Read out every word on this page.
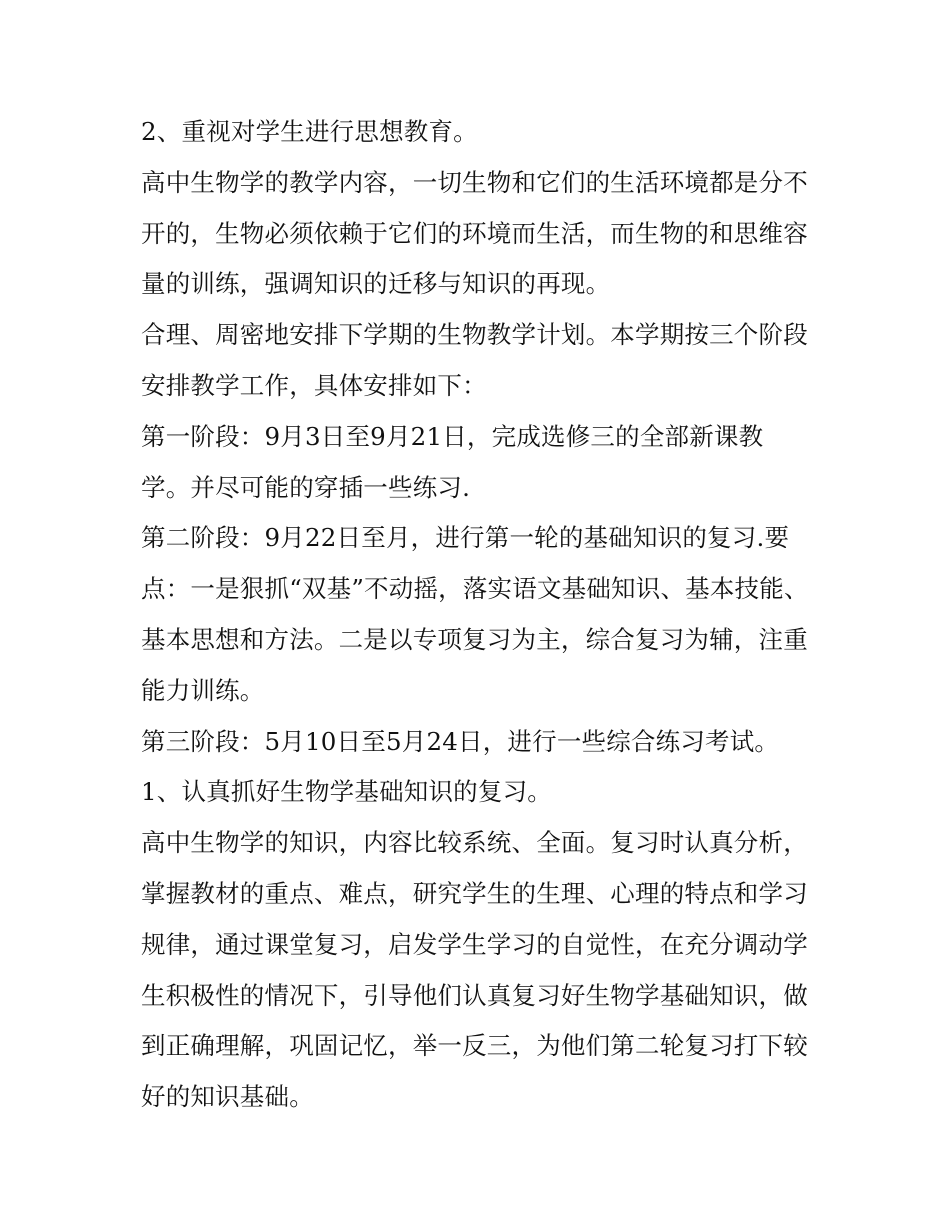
2、重视对学生进行思想教育。
高中生物学的教学内容，一切生物和它们的生活环境都是分不
开的，生物必须依赖于它们的环境而生活，而生物的和思维容
量的训练，强调知识的迁移与知识的再现。
合理、周密地安排下学期的生物教学计划。本学期按三个阶段
安排教学工作，具体安排如下：
第一阶段：9月3日至9月21日，完成选修三的全部新课教
学。并尽可能的穿插一些练习.
第二阶段：9月22日至月，进行第一轮的基础知识的复习.要
点：一是狠抓“双基”不动摇，落实语文基础知识、基本技能、
基本思想和方法。二是以专项复习为主，综合复习为辅，注重
能力训练。
第三阶段：5月10日至5月24日，进行一些综合练习考试。
1、认真抓好生物学基础知识的复习。
高中生物学的知识，内容比较系统、全面。复习时认真分析，
掌握教材的重点、难点，研究学生的生理、心理的特点和学习
规律，通过课堂复习，启发学生学习的自觉性，在充分调动学
生积极性的情况下，引导他们认真复习好生物学基础知识，做
到正确理解，巩固记忆，举一反三，为他们第二轮复习打下较
好的知识基础。
